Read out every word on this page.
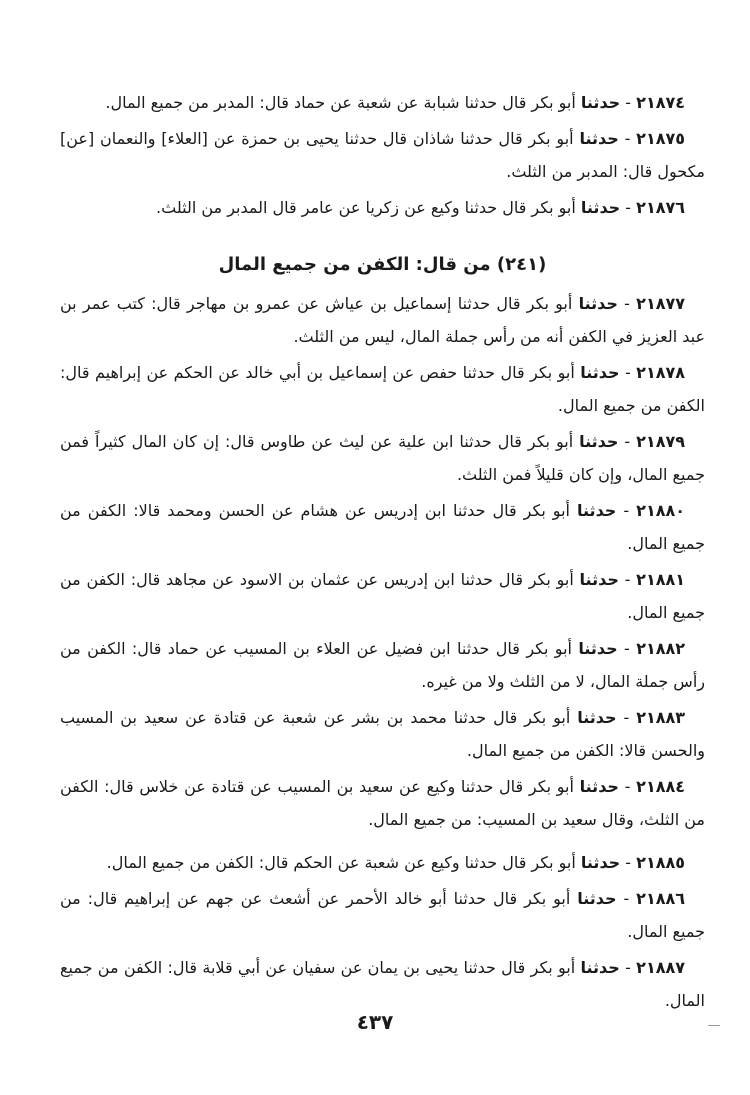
٢١٨٧٤ - حدثنا أبو بكر قال حدثنا شبابة عن شعبة عن حماد قال: المدبر من جميع المال.

٢١٨٧٥ - حدثنا أبو بكر قال حدثنا شاذان قال حدثنا يحيى بن حمزة عن [العلاء] والنعمان [عن] مكحول قال: المدبر من الثلث.

٢١٨٧٦ - حدثنا أبو بكر قال حدثنا وكيع عن زكريا عن عامر قال المدبر من الثلث.

(٢٤١) من قال: الكفن من جميع المال

٢١٨٧٧ - حدثنا أبو بكر قال حدثنا إسماعيل بن عياش عن عمرو بن مهاجر قال: كتب عمر بن عبد العزيز في الكفن أنه من رأس جملة المال، ليس من الثلث.

٢١٨٧٨ - حدثنا أبو بكر قال حدثنا حفص عن إسماعيل بن أبي خالد عن الحكم عن إبراهيم قال: الكفن من جميع المال.

٢١٨٧٩ - حدثنا أبو بكر قال حدثنا ابن علية عن ليث عن طاوس قال: إن كان المال كثيراً فمن جميع المال، وإن كان قليلاً فمن الثلث.

٢١٨٨٠ - حدثنا أبو بكر قال حدثنا ابن إدريس عن هشام عن الحسن ومحمد قالا: الكفن من جميع المال.

٢١٨٨١ - حدثنا أبو بكر قال حدثنا ابن إدريس عن عثمان بن الاسود عن مجاهد قال: الكفن من جميع المال.

٢١٨٨٢ - حدثنا أبو بكر قال حدثنا ابن فضيل عن العلاء بن المسيب عن حماد قال: الكفن من رأس جملة المال، لا من الثلث ولا من غيره.

٢١٨٨٣ - حدثنا أبو بكر قال حدثنا محمد بن بشر عن شعبة عن قتادة عن سعيد بن المسيب والحسن قالا: الكفن من جميع المال.

٢١٨٨٤ - حدثنا أبو بكر قال حدثنا وكيع عن سعيد بن المسيب عن قتادة عن خلاس قال: الكفن من الثلث، وقال سعيد بن المسيب: من جميع المال.

٢١٨٨٥ - حدثنا أبو بكر قال حدثنا وكيع عن شعبة عن الحكم قال: الكفن من جميع المال.

٢١٨٨٦ - حدثنا أبو بكر قال حدثنا أبو خالد الأحمر عن أشعث عن جهم عن إبراهيم قال: من جميع المال.

٢١٨٨٧ - حدثنا أبو بكر قال حدثنا يحيى بن يمان عن سفيان عن أبي قلابة قال: الكفن من جميع المال.

٤٣٧
